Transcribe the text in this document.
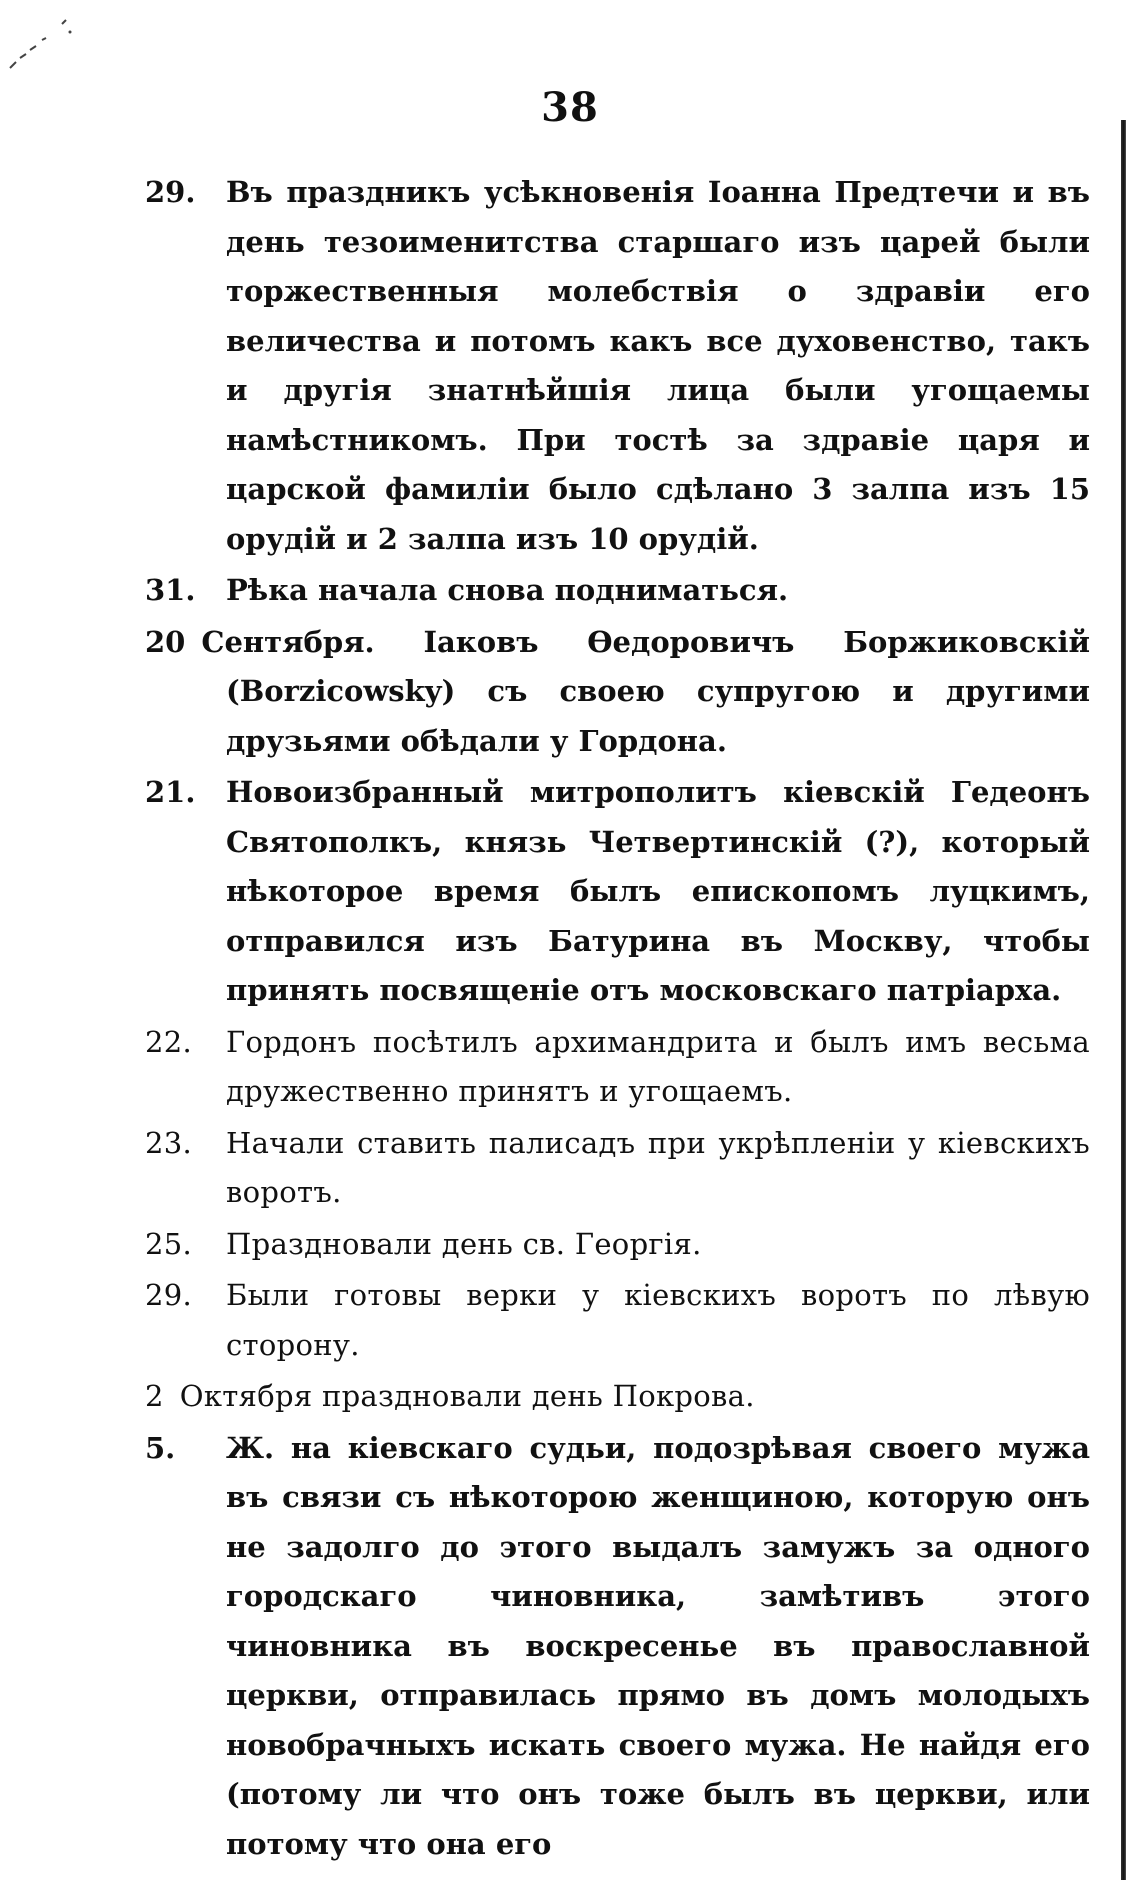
38
29. Въ праздникъ усѣкновенія Іоанна Предтечи и въ день тезоименитства старшаго изъ царей были торжественныя молебствія о здравіи его величества и потомъ какъ все духовенство, такъ и другія знатнѣйшія лица были угощаемы намѣстникомъ. При тостѣ за здравіе царя и царской фамиліи было сдѣлано 3 залпа изъ 15 орудій и 2 залпа изъ 10 орудій.
31. Рѣка начала снова подниматься.
20 Сентября. Іаковъ Ѳедоровичъ Боржиковскій (Borzicowsky) съ своею супругою и другими друзьями обѣдали у Гордона.
21. Новоизбранный митрополитъ кіевскій Гедеонъ Святополкъ, князь Четвертинскій (?), который нѣкоторое время былъ епископомъ луцкимъ, отправился изъ Батурина въ Москву, чтобы принять посвященіе отъ московскаго патріарха.
22. Гордонъ посѣтилъ архимандрита и былъ имъ весьма дружественно принятъ и угощаемъ.
23. Начали ставить палисадъ при укрѣпленіи у кіевскихъ воротъ.
25. Праздновали день св. Георгія.
29. Были готовы верки у кіевскихъ воротъ по лѣвую сторону.
2 Октября праздновали день Покрова.
5. Ж. на кіевскаго судьи, подозрѣвая своего мужа въ связи съ нѣкоторою женщиною, которую онъ не задолго до этого выдалъ замужъ за одного городскаго чиновника, замѣтивъ этого чиновника въ воскресенье въ православной церкви, отправилась прямо въ домъ молодыхъ новобрачныхъ искать своего мужа. Не найдя его (потому ли что онъ тоже былъ въ церкви, или потому что она его
